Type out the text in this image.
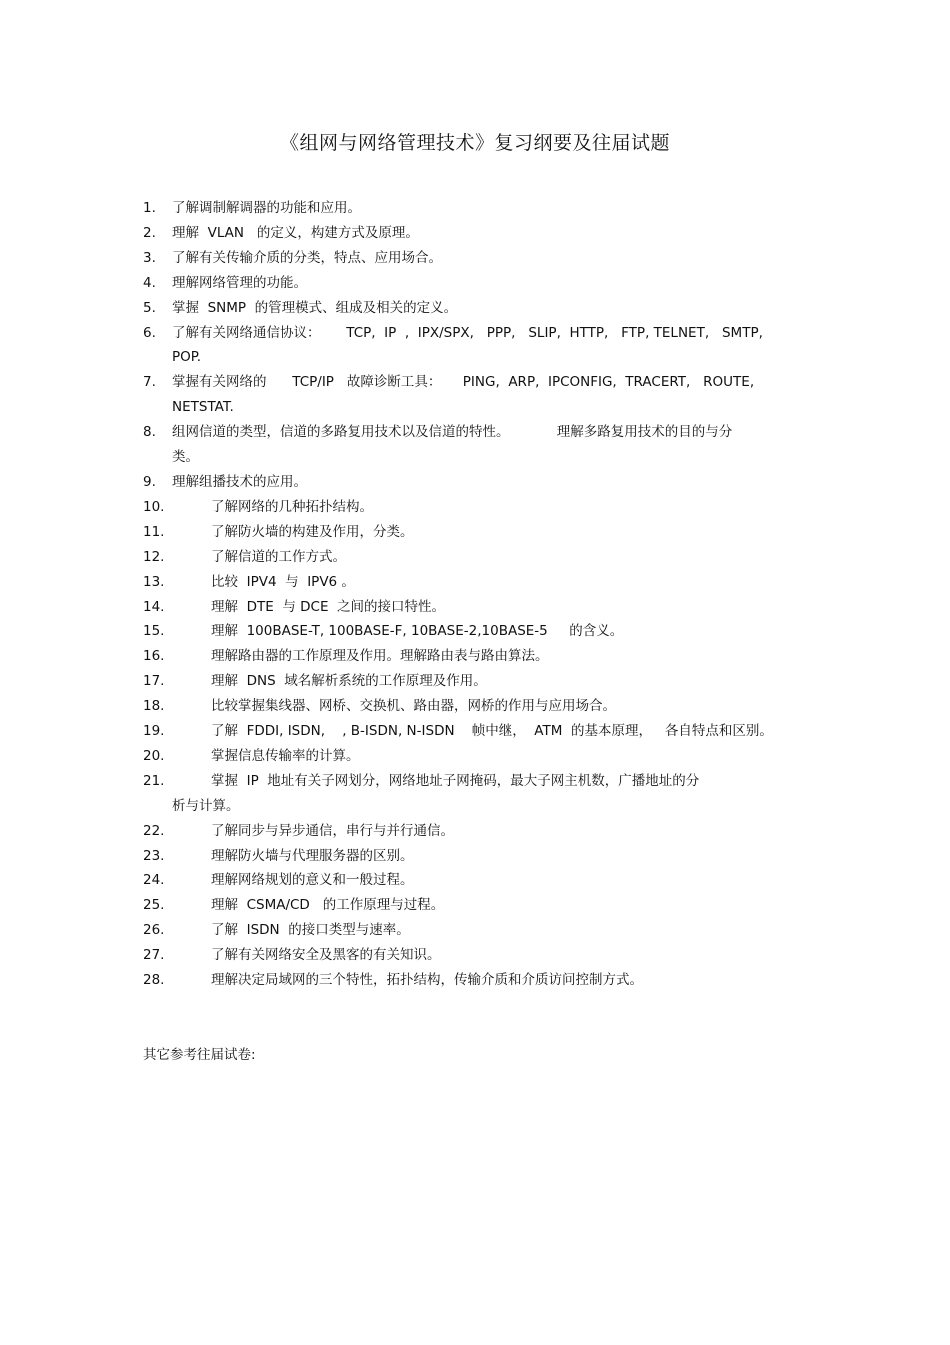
《组网与网络管理技术》复习纲要及往届试题
1.	了解调制解调器的功能和应用。
2.	理解  VLAN   的定义，构建方式及原理。
3.	了解有关传输介质的分类，特点、应用场合。
4.	理解网络管理的功能。
5.	掌握  SNMP  的管理模式、组成及相关的定义。
6.	了解有关网络通信协议：      TCP,  IP  ,  IPX/SPX,   PPP,   SLIP,  HTTP,   FTP, TELNET,   SMTP,
POP.
7.	掌握有关网络的      TCP/IP   故障诊断工具：     PING,  ARP,  IPCONFIG,  TRACERT,   ROUTE,
NETSTAT.
8.	组网信道的类型，信道的多路复用技术以及信道的特性。           理解多路复用技术的目的与分
类。
9.	理解组播技术的应用。
10.	了解网络的几种拓扑结构。
11.	了解防火墙的构建及作用，分类。
12.	了解信道的工作方式。
13.	比较  IPV4  与  IPV6 。
14.	理解  DTE  与 DCE  之间的接口特性。
15.	理解  100BASE-T, 100BASE-F, 10BASE-2,10BASE-5     的含义。
16.	理解路由器的工作原理及作用。理解路由表与路由算法。
17.	理解  DNS  域名解析系统的工作原理及作用。
18.	比较掌握集线器、网桥、交换机、路由器，网桥的作用与应用场合。
19.	了解  FDDI, ISDN,    , B-ISDN, N-ISDN    帧中继，  ATM  的基本原理，   各自特点和区别。
20.	掌握信息传输率的计算。
21.	掌握  IP  地址有关子网划分，网络地址子网掩码，最大子网主机数，广播地址的分
析与计算。
22.	了解同步与异步通信，串行与并行通信。
23.	理解防火墙与代理服务器的区别。
24.	理解网络规划的意义和一般过程。
25.	理解  CSMA/CD   的工作原理与过程。
26.	了解  ISDN  的接口类型与速率。
27.	了解有关网络安全及黑客的有关知识。
28.	理解决定局域网的三个特性，拓扑结构，传输介质和介质访问控制方式。
其它参考往届试卷:
